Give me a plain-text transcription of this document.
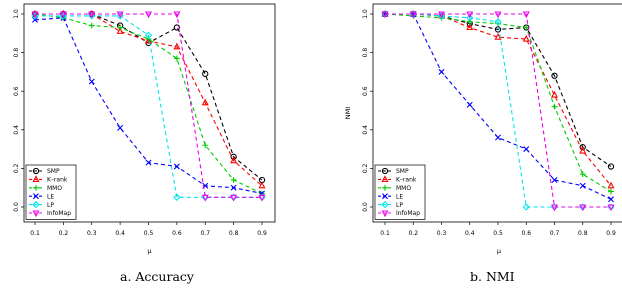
0.0
0.2
0.4
0.6
0.8
1.0
0.1	0.2	0.3	0.4	0.5	0.6	0.7	0.8	0.9
μ
SMP
K–rank
MMO
LE
LP
InfoMap
a. Accuracy
0.0
0.2
0.4
0.6
0.8
1.0
0.1	0.2	0.3	0.4	0.5	0.6	0.7	0.8	0.9
μ
NMI
SMP
K–rank
MMO
LE
LP
InfoMap
b. NMI
